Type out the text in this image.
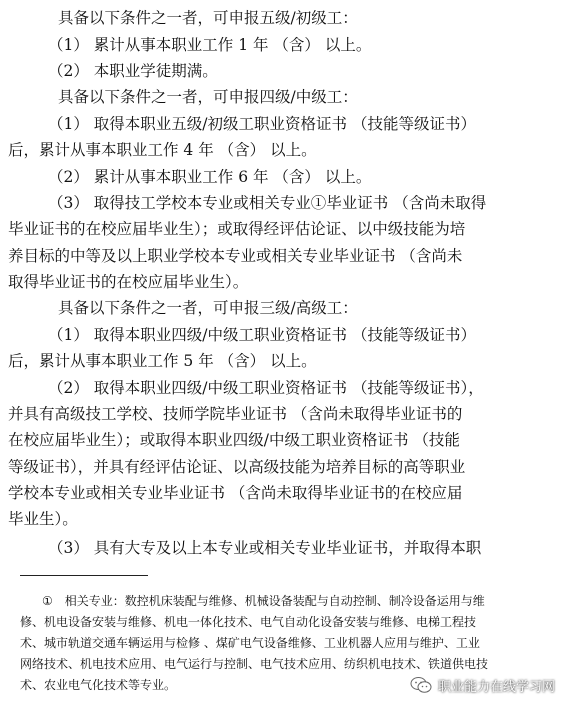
具备以下条件之一者，可申报五级/初级工：
（1） 累计从事本职业工作 1 年 （含） 以上。
（2） 本职业学徒期满。
具备以下条件之一者，可申报四级/中级工：
（1） 取得本职业五级/初级工职业资格证书 （技能等级证书）
后，累计从事本职业工作 4 年 （含） 以上。
（2） 累计从事本职业工作 6 年 （含） 以上。
（3） 取得技工学校本专业或相关专业①毕业证书 （含尚未取得
毕业证书的在校应届毕业生）；或取得经评估论证、以中级技能为培
养目标的中等及以上职业学校本专业或相关专业毕业证书 （含尚未
取得毕业证书的在校应届毕业生）。
具备以下条件之一者，可申报三级/高级工：
（1） 取得本职业四级/中级工职业资格证书 （技能等级证书）
后，累计从事本职业工作 5 年 （含） 以上。
（2） 取得本职业四级/中级工职业资格证书 （技能等级证书），
并具有高级技工学校、技师学院毕业证书 （含尚未取得毕业证书的
在校应届毕业生）；或取得本职业四级/中级工职业资格证书 （技能
等级证书），并具有经评估论证、以高级技能为培养目标的高等职业
学校本专业或相关专业毕业证书 （含尚未取得毕业证书的在校应届
毕业生）。
（3） 具有大专及以上本专业或相关专业毕业证书，并取得本职
①　相关专业：数控机床装配与维修、机械设备装配与自动控制、制冷设备运用与维
修、机电设备安装与维修、机电一体化技术、电气自动化设备安装与维修、电梯工程技
术、城市轨道交通车辆运用与检修 、煤矿电气设备维修、工业机器人应用与维护、工业
网络技术、机电技术应用、电气运行与控制、电气技术应用、纺织机电技术、铁道供电技
术、农业电气化技术等专业。	职业能力在线学习网
